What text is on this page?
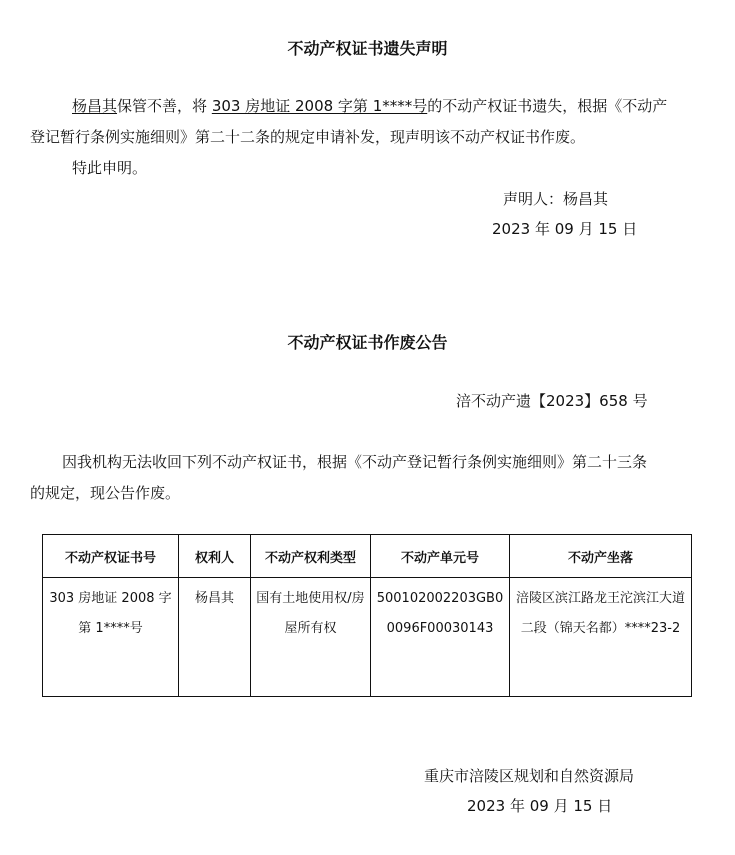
不动产权证书遗失声明
杨昌其保管不善，将 303 房地证 2008 字第 1****号的不动产权证书遗失，根据《不动产
登记暂行条例实施细则》第二十二条的规定申请补发，现声明该不动产权证书作废。
特此申明。
声明人：杨昌其
2023 年 09 月 15 日
不动产权证书作废公告
涪不动产遗【2023】658 号
因我机构无法收回下列不动产权证书，根据《不动产登记暂行条例实施细则》第二十三条
的规定，现公告作废。
不动产权证书号	权利人	不动产权利类型	不动产单元号	不动产坐落
303 房地证 2008 字第 1****号	杨昌其	国有土地使用权/房屋所有权	500102002203GB00096F00030143	涪陵区滨江路龙王沱滨江大道二段（锦天名都）****23-2
重庆市涪陵区规划和自然资源局
2023 年 09 月 15 日
